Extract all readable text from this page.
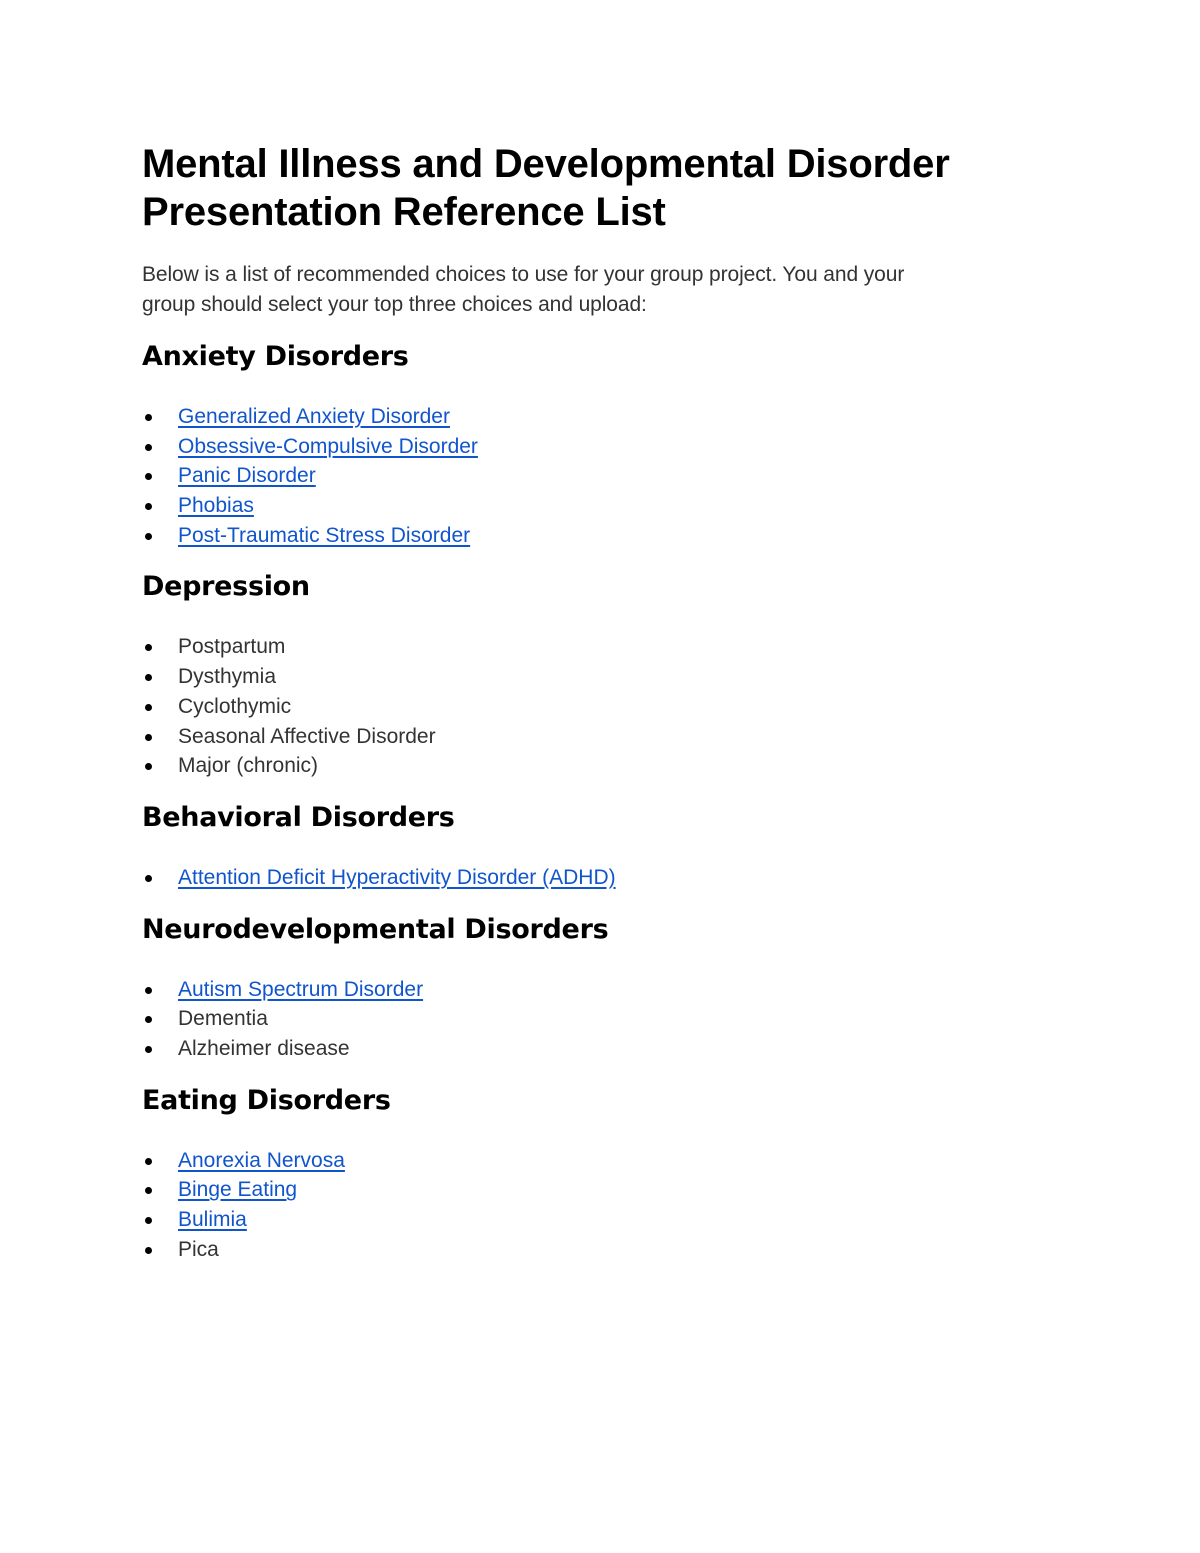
Mental Illness and Developmental Disorder
Presentation Reference List

Below is a list of recommended choices to use for your group project. You and your
group should select your top three choices and upload:

Anxiety Disorders
Generalized Anxiety Disorder
Obsessive-Compulsive Disorder
Panic Disorder
Phobias
Post-Traumatic Stress Disorder
Depression
Postpartum
Dysthymia
Cyclothymic
Seasonal Affective Disorder
Major (chronic)
Behavioral Disorders
Attention Deficit Hyperactivity Disorder (ADHD)
Neurodevelopmental Disorders
Autism Spectrum Disorder
Dementia
Alzheimer disease
Eating Disorders
Anorexia Nervosa
Binge Eating
Bulimia
Pica
